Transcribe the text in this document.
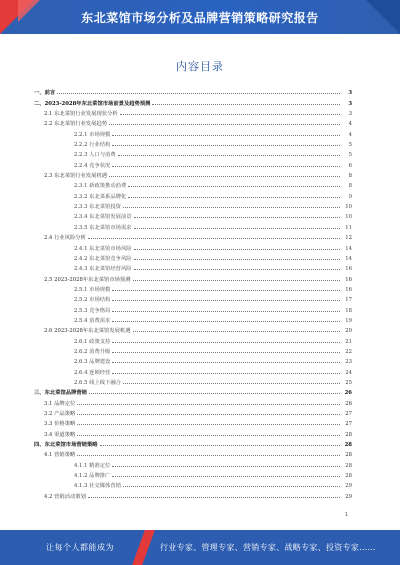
东北菜馆市场分析及品牌营销策略研究报告
内容目录
一、前言	3
二、2023-2028年东北菜馆市场前景及趋势预测	3
2.1 东北菜馆行业发展现状分析	3
2.2 东北菜馆行业发展趋势	4
2.2.1 市场规模	4
2.2.2 行业结构	5
2.2.3 人口与消费	5
2.2.4 竞争状况	6
2.3 东北菜馆行业发展机遇	8
2.3.1 新政策推动消费	8
2.3.2 东北菜系品牌化	9
2.3.3 东北菜馆投资	10
2.3.4 东北菜馆发展前景	10
2.3.5 东北菜馆市场需求	11
2.4 行业风险分析	12
2.4.1 东北菜馆市场风险	14
2.4.2 东北菜馆竞争风险	14
2.4.3 东北菜馆经营风险	16
2.5 2023-2028年东北菜馆市场预测	16
2.5.1 市场规模	16
2.5.2 市场结构	17
2.5.3 竞争格局	18
2.5.4 消费需求	19
2.6 2023-2028年东北菜馆发展机遇	20
2.6.1 政策支持	21
2.6.2 消费升级	22
2.6.3 品牌建设	23
2.6.4 连锁经营	24
2.6.5 线上线下融合	25
三、东北菜馆品牌营销	26
3.1 品牌定位	26
3.2 产品策略	27
3.3 价格策略	27
3.4 渠道策略	28
四、东北菜馆市场营销策略	28
4.1 营销策略	28
4.1.1 精准定位	28
4.1.2 品牌推广	28
4.1.3 社交媒体营销	29
4.2 营销活动策划	29
1
让每个人都能成为	行业专家、管理专家、营销专家、战略专家、投资专家……
